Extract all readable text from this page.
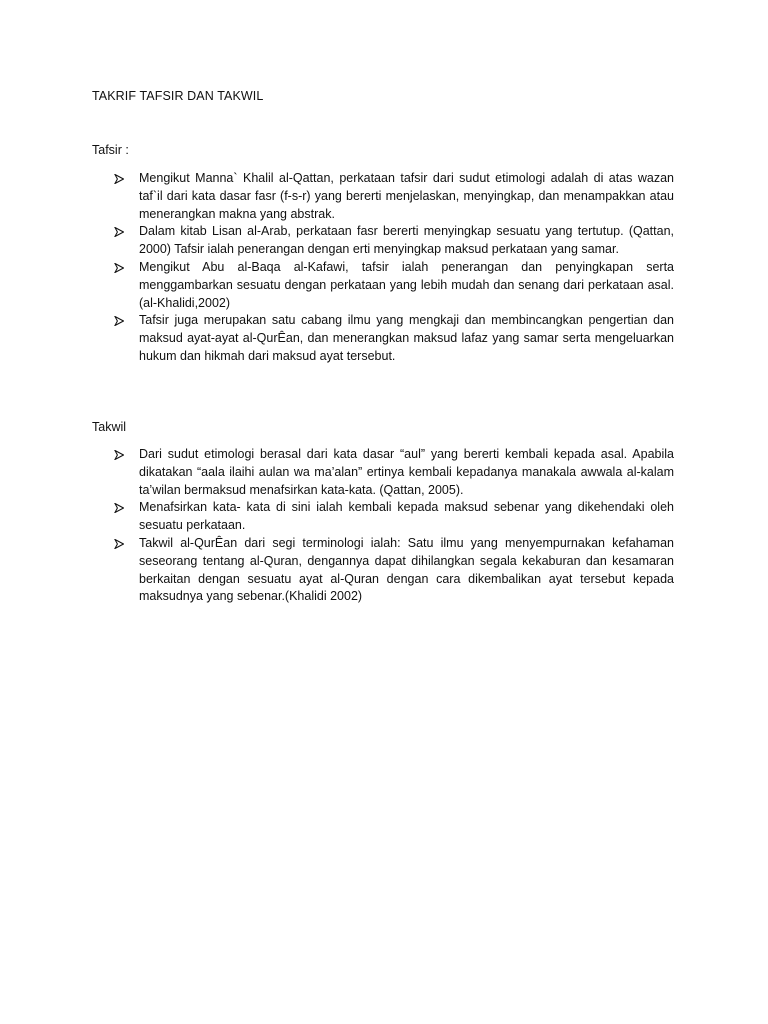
TAKRIF TAFSIR DAN TAKWIL
Tafsir :
Mengikut Manna` Khalil al-Qattan, perkataan tafsir dari sudut etimologi adalah di atas wazan taf`il dari kata dasar fasr (f-s-r) yang bererti menjelaskan, menyingkap, dan menampakkan atau menerangkan makna yang abstrak.
Dalam kitab Lisan al-Arab, perkataan fasr bererti menyingkap sesuatu yang tertutup. (Qattan, 2000) Tafsir ialah penerangan dengan erti menyingkap maksud perkataan yang samar.
Mengikut Abu al-Baqa al-Kafawi, tafsir ialah penerangan dan penyingkapan serta menggambarkan sesuatu dengan perkataan yang lebih mudah dan senang dari perkataan asal.(al-Khalidi,2002)
Tafsir juga merupakan satu cabang ilmu yang mengkaji dan membincangkan pengertian dan maksud ayat-ayat al-QurÊan, dan menerangkan maksud lafaz yang samar serta mengeluarkan hukum dan hikmah dari maksud ayat tersebut.
Takwil
Dari sudut etimologi berasal dari kata dasar “aul” yang bererti kembali kepada asal. Apabila dikatakan “aala ilaihi aulan wa ma’alan” ertinya kembali kepadanya manakala awwala al-kalam ta’wilan bermaksud menafsirkan kata-kata. (Qattan, 2005).
Menafsirkan kata- kata di sini ialah kembali kepada maksud sebenar yang dikehendaki oleh sesuatu perkataan.
Takwil al-QurÊan dari segi terminologi ialah: Satu ilmu yang menyempurnakan kefahaman seseorang tentang al-Quran, dengannya dapat dihilangkan segala kekaburan dan kesamaran berkaitan dengan sesuatu ayat al-Quran dengan cara dikembalikan ayat tersebut kepada maksudnya yang sebenar.(Khalidi 2002)
